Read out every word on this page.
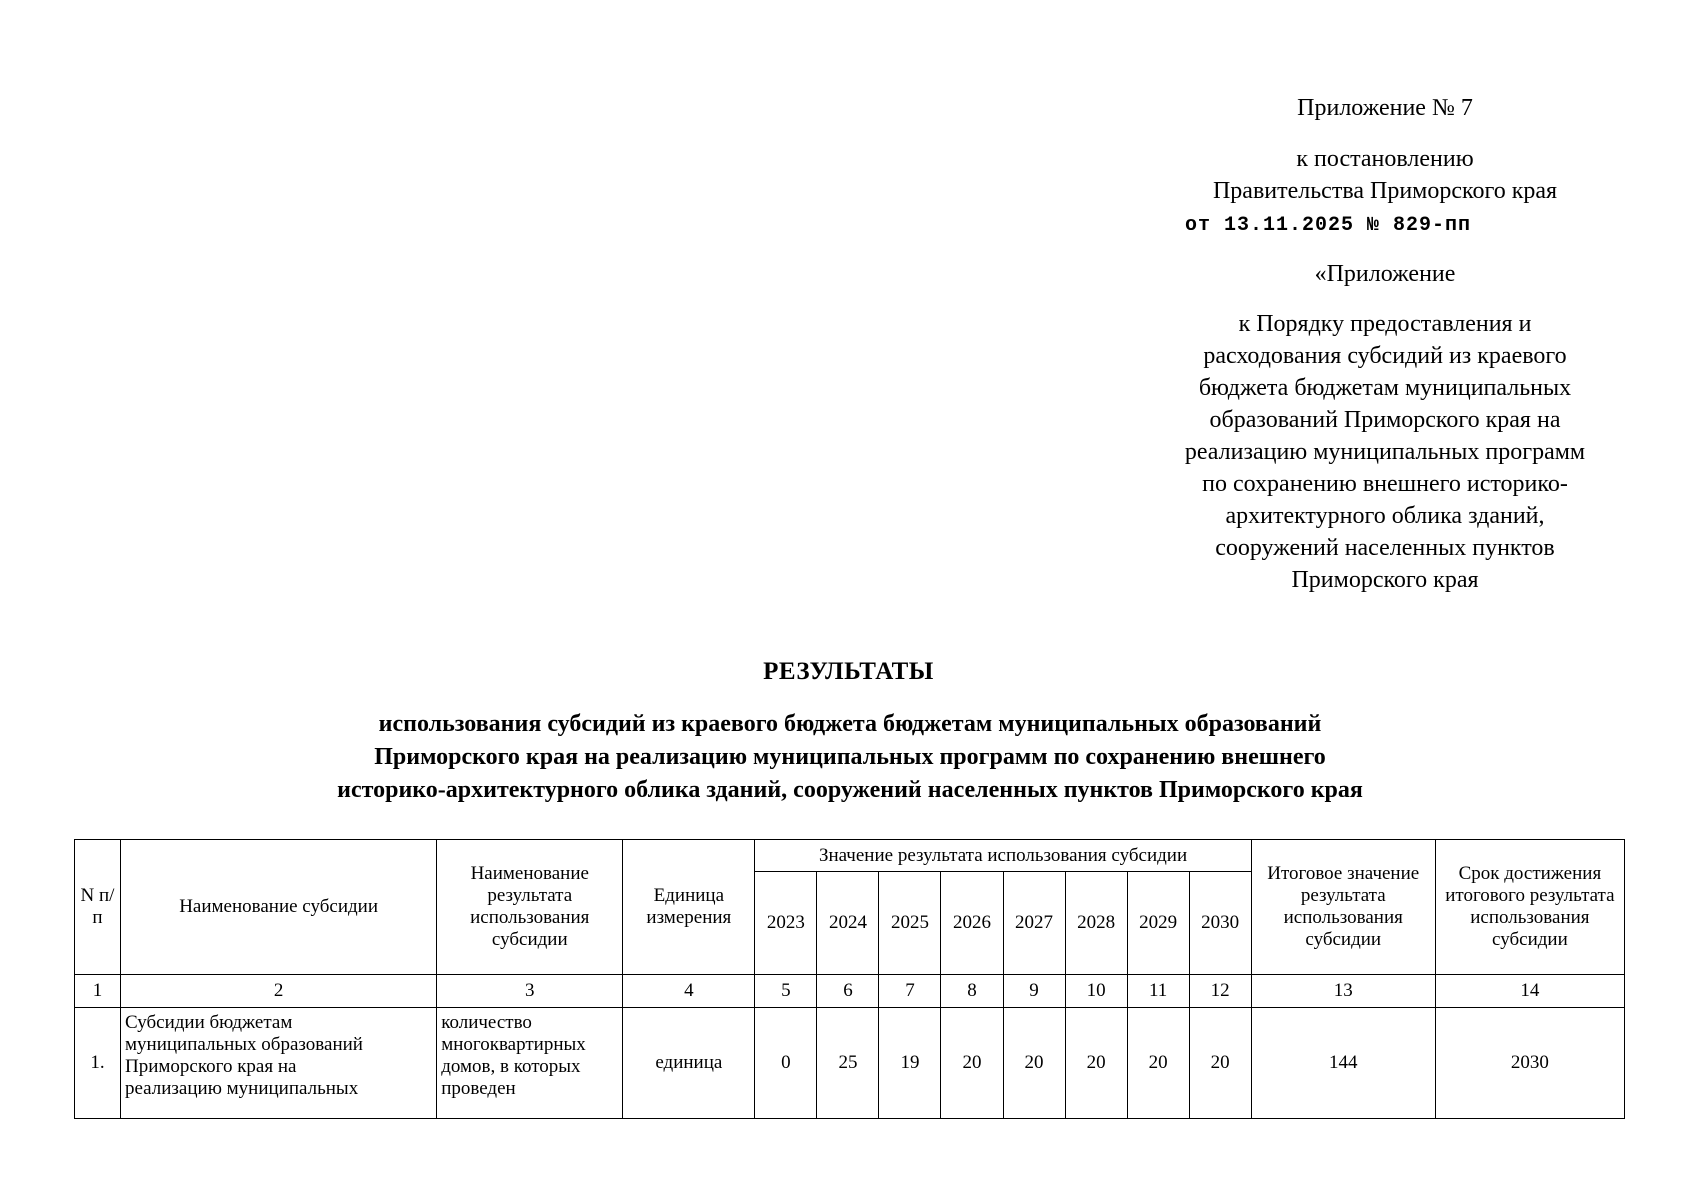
Приложение № 7
к постановлению
Правительства Приморского края
от 13.11.2025 № 829-пп
«Приложение
к Порядку предоставления и
расходования субсидий из краевого
бюджета бюджетам муниципальных
образований Приморского края на
реализацию муниципальных программ
по сохранению внешнего историко-
архитектурного облика зданий,
сооружений населенных пунктов
Приморского края
РЕЗУЛЬТАТЫ
использования субсидий из краевого бюджета бюджетам муниципальных образований
Приморского края на реализацию муниципальных программ по сохранению внешнего
историко-архитектурного облика зданий, сооружений населенных пунктов Приморского края
N п/п	Наименование субсидии	Наименование результата использования субсидии	Единица измерения	Значение результата использования субсидии								Итоговое значение результата использования субсидии	Срок достижения итогового результата использования субсидии
				2023	2024	2025	2026	2027	2028	2029	2030		
1	2	3	4	5	6	7	8	9	10	11	12	13	14
1.	Субсидии бюджетам
муниципальных образований
Приморского края на
реализацию муниципальных	количество
многоквартирных
домов, в которых
проведен	единица	0	25	19	20	20	20	20	20	144	2030
